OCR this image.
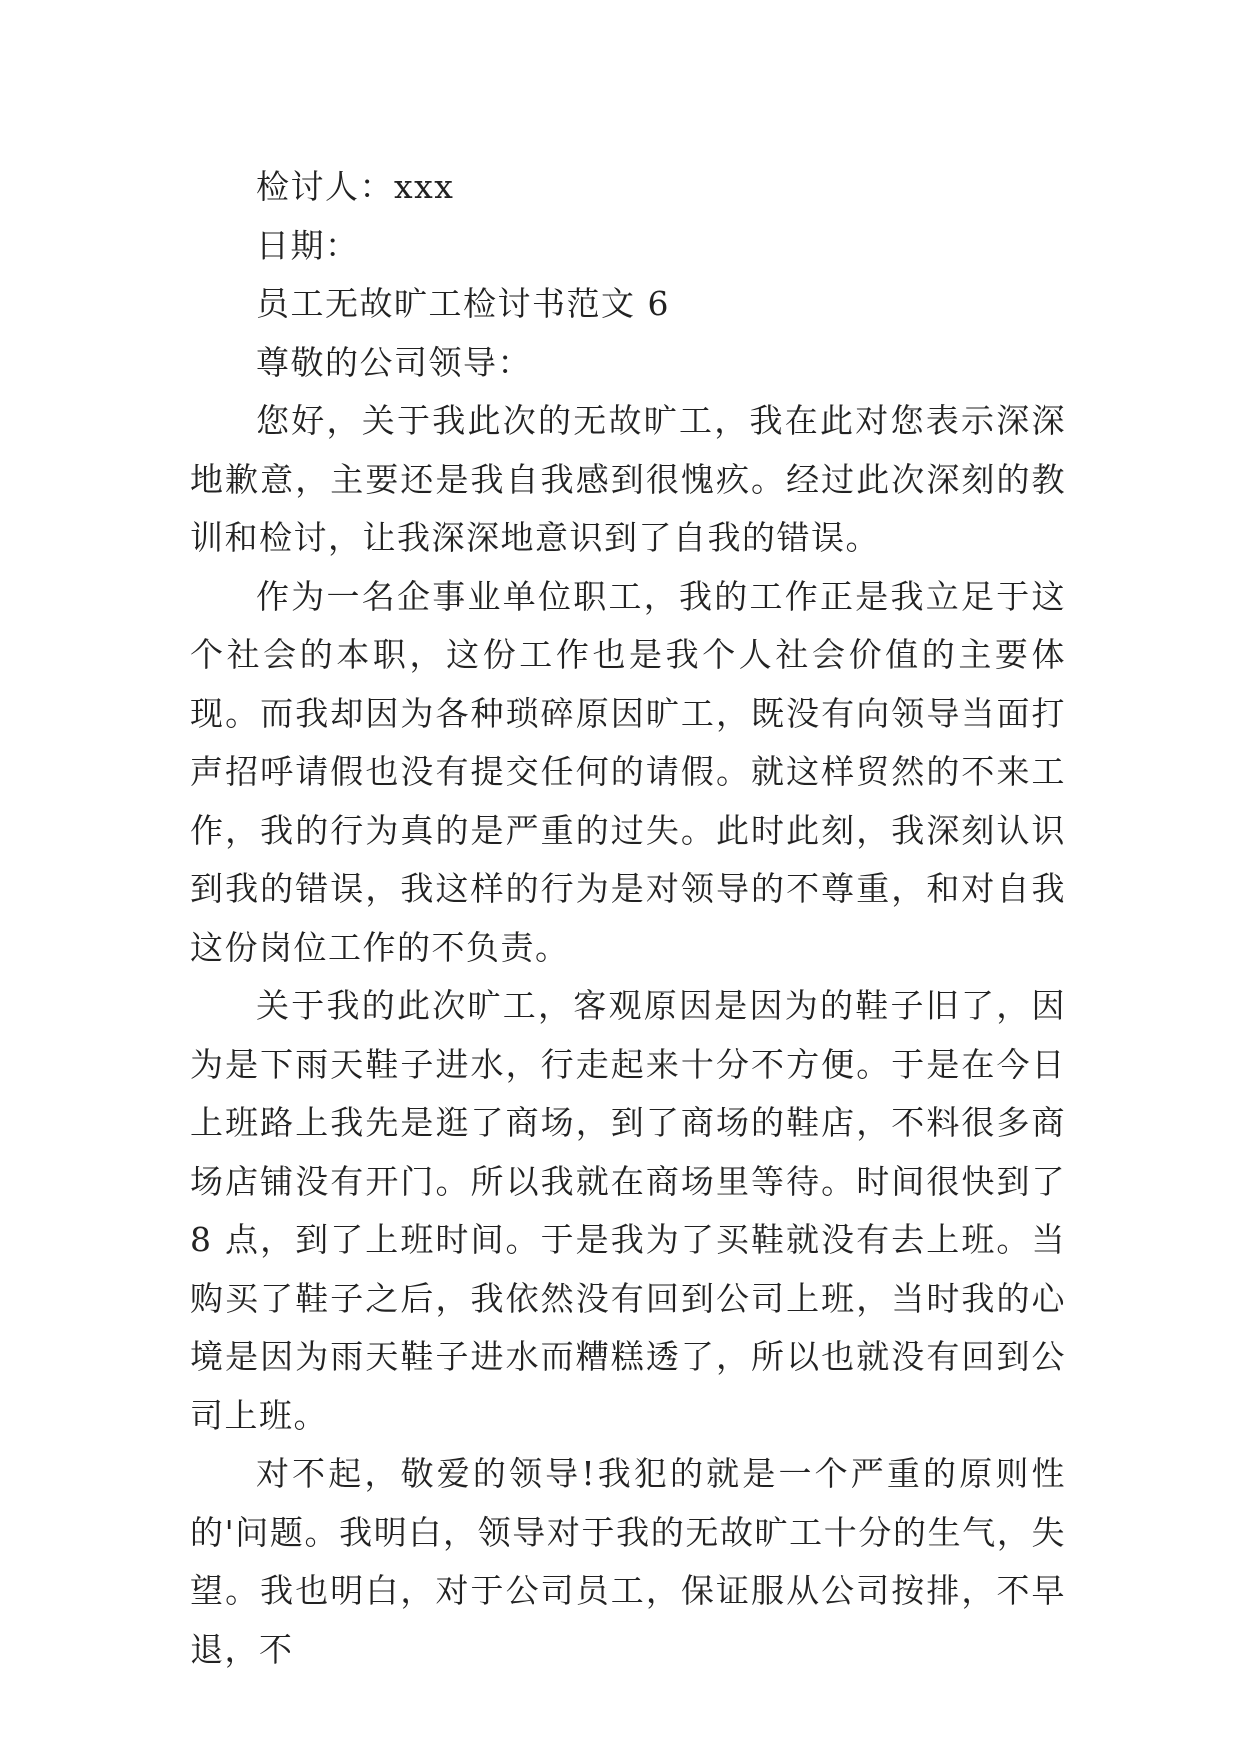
检讨人：xxx

日期：

员工无故旷工检讨书范文 6

尊敬的公司领导：

您好，关于我此次的无故旷工，我在此对您表示深深地歉意，主要还是我自我感到很愧疚。经过此次深刻的教训和检讨，让我深深地意识到了自我的错误。

作为一名企事业单位职工，我的工作正是我立足于这个社会的本职，这份工作也是我个人社会价值的主要体现。而我却因为各种琐碎原因旷工，既没有向领导当面打声招呼请假也没有提交任何的请假。就这样贸然的不来工作，我的行为真的是严重的过失。此时此刻，我深刻认识到我的错误，我这样的行为是对领导的不尊重，和对自我这份岗位工作的不负责。

关于我的此次旷工，客观原因是因为的鞋子旧了，因为是下雨天鞋子进水，行走起来十分不方便。于是在今日上班路上我先是逛了商场，到了商场的鞋店，不料很多商场店铺没有开门。所以我就在商场里等待。时间很快到了 8 点，到了上班时间。于是我为了买鞋就没有去上班。当购买了鞋子之后，我依然没有回到公司上班，当时我的心境是因为雨天鞋子进水而糟糕透了，所以也就没有回到公司上班。

对不起，敬爱的领导!我犯的就是一个严重的原则性的'问题。我明白，领导对于我的无故旷工十分的生气，失望。我也明白，对于公司员工，保证服从公司按排，不早退，不
